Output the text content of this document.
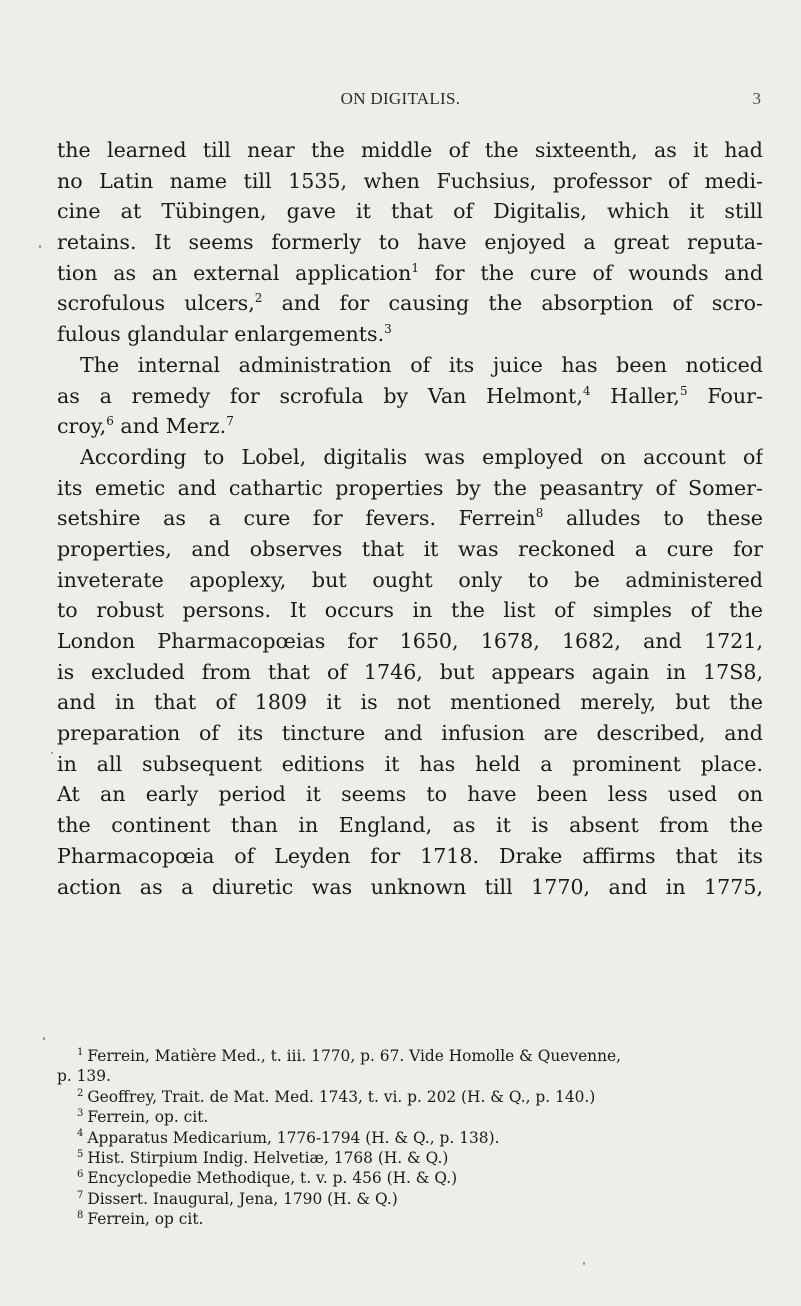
ON DIGITALIS.	3
the learned till near the middle of the sixteenth, as it had
no Latin name till 1535, when Fuchsius, professor of medi-
cine at Tübingen, gave it that of Digitalis, which it still
retains. It seems formerly to have enjoyed a great reputa-
tion as an external application$^1$ for the cure of wounds and
scrofulous ulcers,$^2$ and for causing the absorption of scro-
fulous glandular enlargements.$^3$
The internal administration of its juice has been noticed
as a remedy for scrofula by Van Helmont,$^4$ Haller,$^5$ Four-
croy,$^6$ and Merz.$^7$
According to Lobel, digitalis was employed on account of
its emetic and cathartic properties by the peasantry of Somer-
setshire as a cure for fevers. Ferrein$^8$ alludes to these
properties, and observes that it was reckoned a cure for
inveterate apoplexy, but ought only to be administered
to robust persons. It occurs in the list of simples of the
London Pharmacopœias for 1650, 1678, 1682, and 1721,
is excluded from that of 1746, but appears again in 17S8,
and in that of 1809 it is not mentioned merely, but the
preparation of its tincture and infusion are described, and
in all subsequent editions it has held a prominent place.
At an early period it seems to have been less used on
the continent than in England, as it is absent from the
Pharmacopœia of Leyden for 1718. Drake affirms that its
action as a diuretic was unknown till 1770, and in 1775,
$^1$ Ferrein, Matière Med., t. iii. 1770, p. 67. Vide Homolle & Quevenne,
p. 139.
$^2$ Geoffrey, Trait. de Mat. Med. 1743, t. vi. p. 202 (H. & Q., p. 140.)
$^3$ Ferrein, op. cit.
$^4$ Apparatus Medicarium, 1776-1794 (H. & Q., p. 138).
$^5$ Hist. Stirpium Indig. Helvetiæ, 1768 (H. & Q.)
$^6$ Encyclopedie Methodique, t. v. p. 456 (H. & Q.)
$^7$ Dissert. Inaugural, Jena, 1790 (H. & Q.)
$^8$ Ferrein, op cit.
